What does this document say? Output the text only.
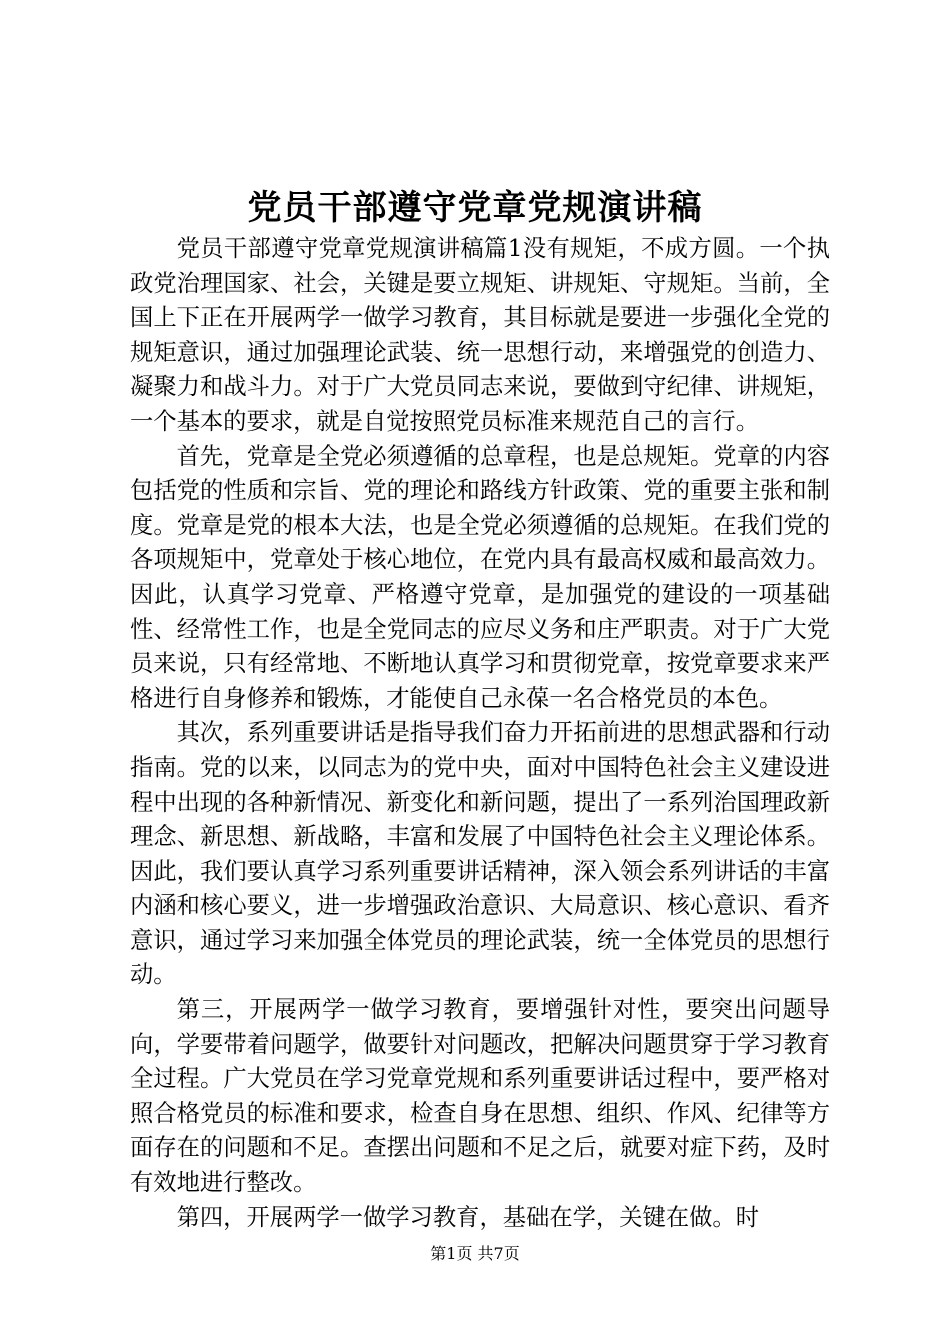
党员干部遵守党章党规演讲稿

党员干部遵守党章党规演讲稿篇1没有规矩，不成方圆。一个执政党治理国家、社会，关键是要立规矩、讲规矩、守规矩。当前，全国上下正在开展两学一做学习教育，其目标就是要进一步强化全党的规矩意识，通过加强理论武装、统一思想行动，来增强党的创造力、凝聚力和战斗力。对于广大党员同志来说，要做到守纪律、讲规矩，一个基本的要求，就是自觉按照党员标准来规范自己的言行。

首先，党章是全党必须遵循的总章程，也是总规矩。党章的内容包括党的性质和宗旨、党的理论和路线方针政策、党的重要主张和制度。党章是党的根本大法，也是全党必须遵循的总规矩。在我们党的各项规矩中，党章处于核心地位，在党内具有最高权威和最高效力。因此，认真学习党章、严格遵守党章，是加强党的建设的一项基础性、经常性工作，也是全党同志的应尽义务和庄严职责。对于广大党员来说，只有经常地、不断地认真学习和贯彻党章，按党章要求来严格进行自身修养和锻炼，才能使自己永葆一名合格党员的本色。

其次，系列重要讲话是指导我们奋力开拓前进的思想武器和行动指南。党的以来，以同志为的党中央，面对中国特色社会主义建设进程中出现的各种新情况、新变化和新问题，提出了一系列治国理政新理念、新思想、新战略，丰富和发展了中国特色社会主义理论体系。因此，我们要认真学习系列重要讲话精神，深入领会系列讲话的丰富内涵和核心要义，进一步增强政治意识、大局意识、核心意识、看齐意识，通过学习来加强全体党员的理论武装，统一全体党员的思想行动。

第三，开展两学一做学习教育，要增强针对性，要突出问题导向，学要带着问题学，做要针对问题改，把解决问题贯穿于学习教育全过程。广大党员在学习党章党规和系列重要讲话过程中，要严格对照合格党员的标准和要求，检查自身在思想、组织、作风、纪律等方面存在的问题和不足。查摆出问题和不足之后，就要对症下药，及时有效地进行整改。

第四，开展两学一做学习教育，基础在学，关键在做。时

第1页 共7页
